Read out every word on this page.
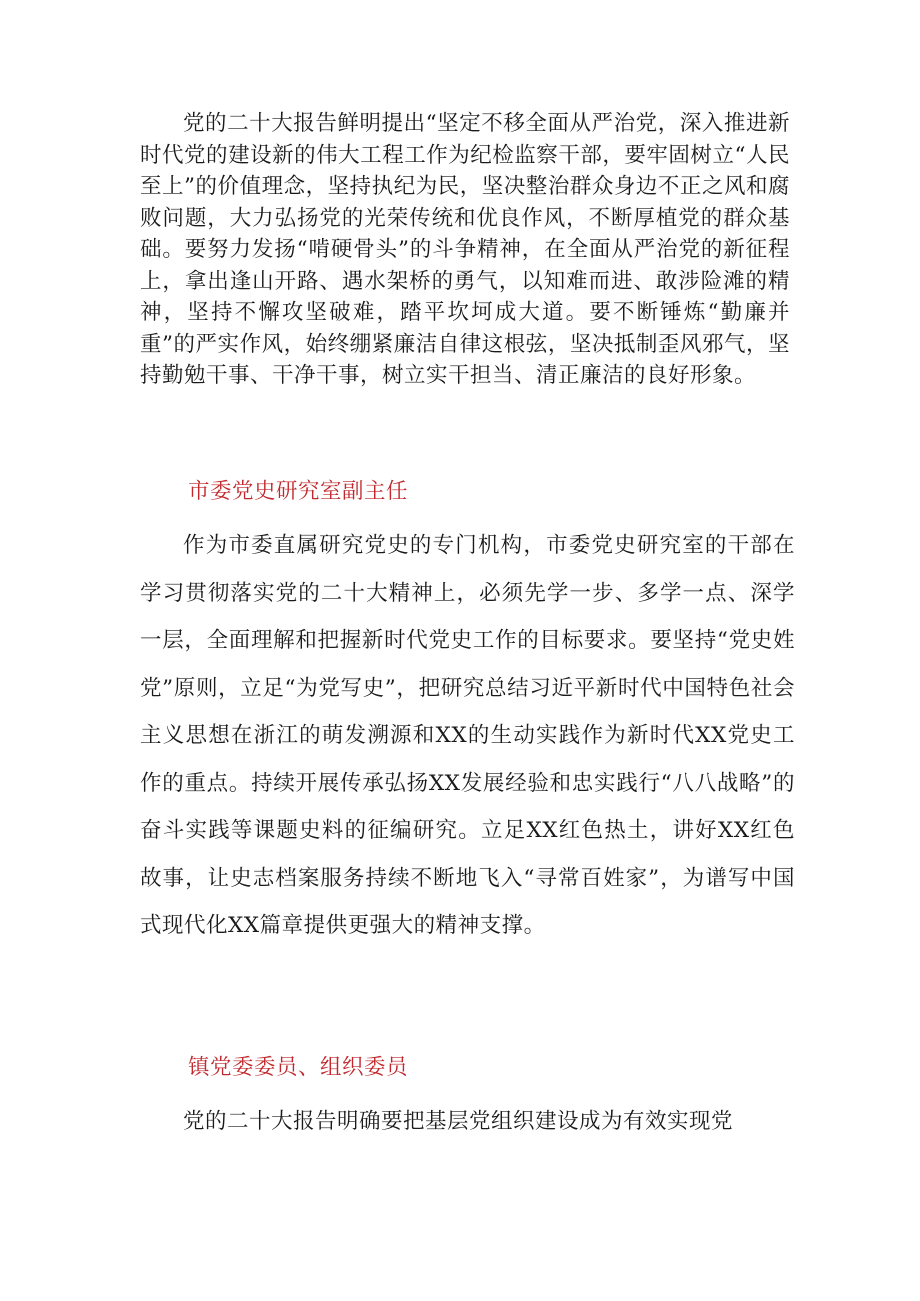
党的二十大报告鲜明提出“坚定不移全面从严治党，深入推进新时代党的建设新的伟大工程工作为纪检监察干部，要牢固树立“人民至上”的价值理念，坚持执纪为民，坚决整治群众身边不正之风和腐败问题，大力弘扬党的光荣传统和优良作风，不断厚植党的群众基础。要努力发扬“啃硬骨头”的斗争精神，在全面从严治党的新征程上，拿出逢山开路、遇水架桥的勇气，以知难而进、敢涉险滩的精神，坚持不懈攻坚破难，踏平坎坷成大道。要不断锤炼“勤廉并重”的严实作风，始终绷紧廉洁自律这根弦，坚决抵制歪风邪气，坚持勤勉干事、干净干事，树立实干担当、清正廉洁的良好形象。

市委党史研究室副主任

作为市委直属研究党史的专门机构，市委党史研究室的干部在学习贯彻落实党的二十大精神上，必须先学一步、多学一点、深学一层，全面理解和把握新时代党史工作的目标要求。要坚持“党史姓党”原则，立足“为党写史”，把研究总结习近平新时代中国特色社会主义思想在浙江的萌发溯源和XX的生动实践作为新时代XX党史工作的重点。持续开展传承弘扬XX发展经验和忠实践行“八八战略”的奋斗实践等课题史料的征编研究。立足XX红色热土，讲好XX红色故事，让史志档案服务持续不断地飞入“寻常百姓家”，为谱写中国式现代化XX篇章提供更强大的精神支撑。

镇党委委员、组织委员

党的二十大报告明确要把基层党组织建设成为有效实现党
